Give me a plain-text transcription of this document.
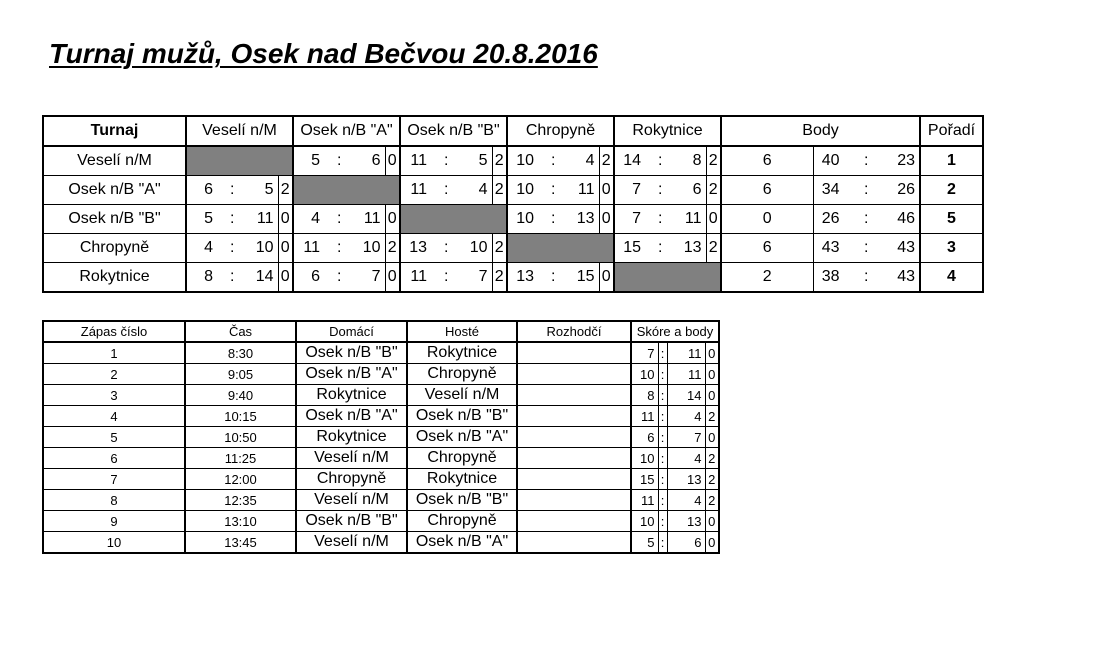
Turnaj mužů, Osek nad Bečvou 20.8.2016
Turnaj	Veselí n/M		Osek n/B "A"		Osek n/B "B"		Chropyně		Rokytnice		Body		Pořadí
Veselí n/M			5 : 6	0	11 : 5	2	10 : 4	2	14 : 8	2	6	40 : 23	1
Osek n/B "A"	6 : 5	2			11 : 4	2	10 : 11	0	7 : 6	2	6	34 : 26	2
Osek n/B "B"	5 : 11	0	4 : 11	0			10 : 13	0	7 : 11	0	0	26 : 46	5
Chropyně	4 : 10	0	11 : 10	2	13 : 10	2			15 : 13	2	6	43 : 43	3
Rokytnice	8 : 14	0	6 : 7	0	11 : 7	2	13 : 15	0			2	38 : 43	4
Zápas číslo	Čas	Domácí	Hosté	Rozhodčí	Skóre a body			
1	8:30	Osek n/B "B"	Rokytnice		7	:	11	0
2	9:05	Osek n/B "A"	Chropyně		10	:	11	0
3	9:40	Rokytnice	Veselí n/M		8	:	14	0
4	10:15	Osek n/B "A"	Osek n/B "B"		11	:	4	2
5	10:50	Rokytnice	Osek n/B "A"		6	:	7	0
6	11:25	Veselí n/M	Chropyně		10	:	4	2
7	12:00	Chropyně	Rokytnice		15	:	13	2
8	12:35	Veselí n/M	Osek n/B "B"		11	:	4	2
9	13:10	Osek n/B "B"	Chropyně		10	:	13	0
10	13:45	Veselí n/M	Osek n/B "A"		5	:	6	0
